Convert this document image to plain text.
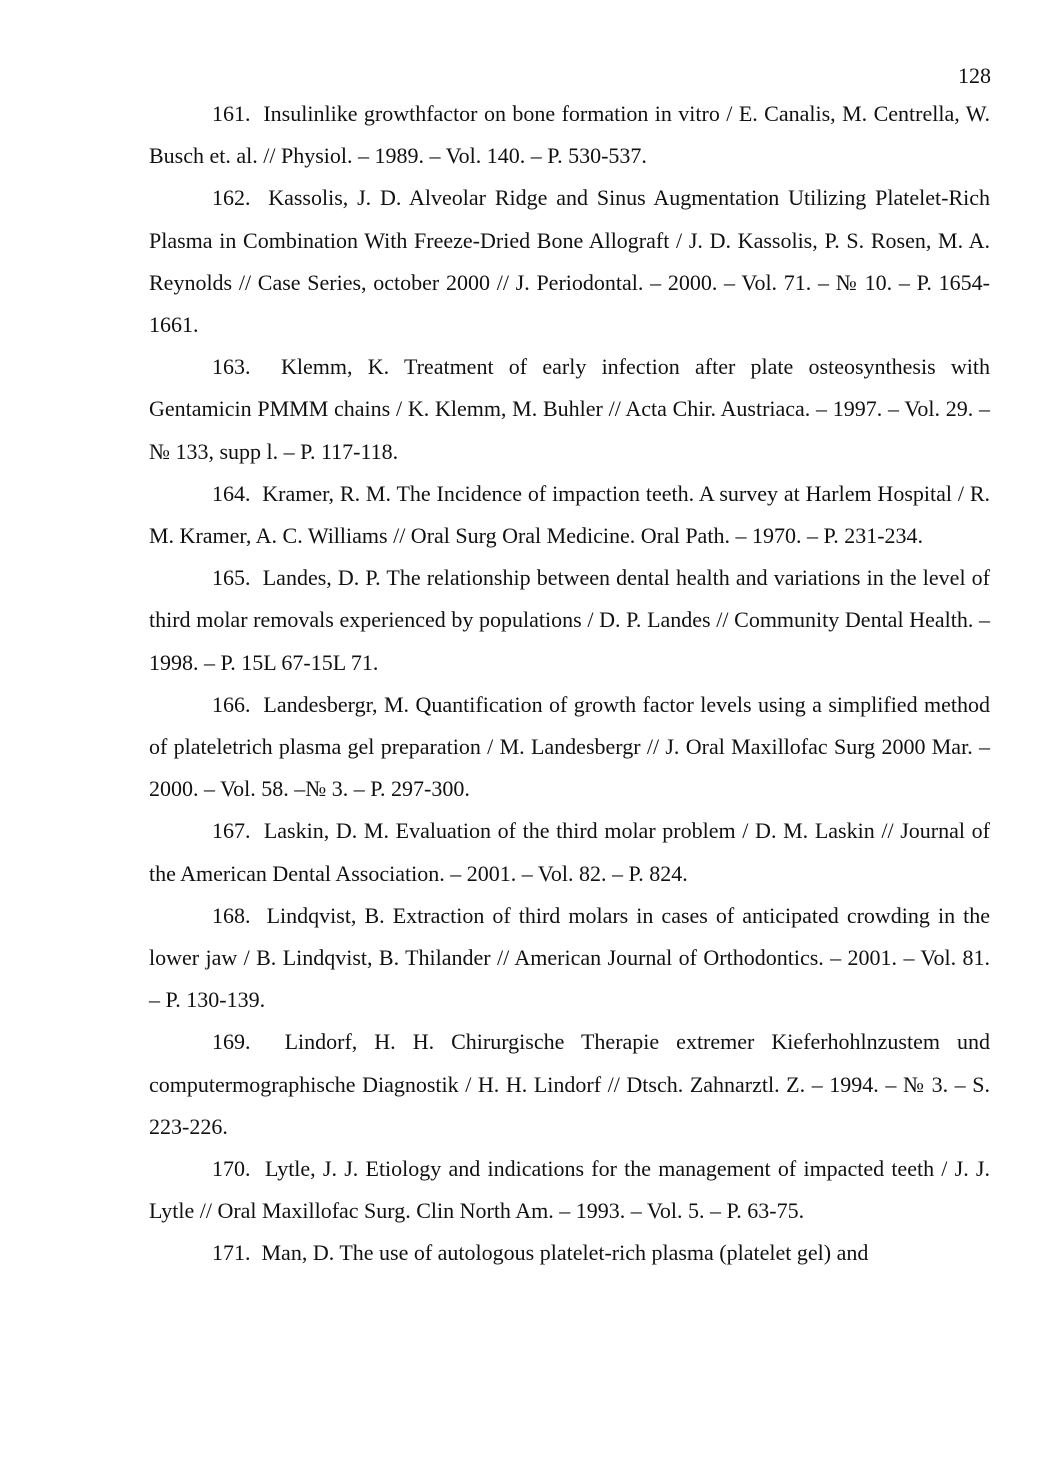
128

161. Insulinlike growthfactor on bone formation in vitro / E. Canalis, M. Centrella, W. Busch et. al. // Physiol. – 1989. – Vol. 140. – P. 530-537.

162. Kassolis, J. D. Alveolar Ridge and Sinus Augmentation Utilizing Platelet-Rich Plasma in Combination With Freeze-Dried Bone Allograft / J. D. Kassolis, P. S. Rosen, M. A. Reynolds // Case Series, october 2000 // J. Periodontal. – 2000. – Vol. 71. – № 10. – P. 1654-1661.

163. Klemm, K. Treatment of early infection after plate osteosynthesis with Gentamicin PMMM chains / K. Klemm, M. Buhler // Acta Chir. Austriaca. – 1997. – Vol. 29. – № 133, supp l. – P. 117-118.

164. Kramer, R. M. The Incidence of impaction teeth. A survey at Harlem Hospital / R. M. Kramer, A. C. Williams // Oral Surg Oral Medicine. Oral Path. – 1970. – P. 231-234.

165. Landes, D. P. The relationship between dental health and variations in the level of third molar removals experienced by populations / D. P. Landes // Community Dental Health. – 1998. – P. 15L 67-15L 71.

166. Landesbergr, M. Quantification of growth factor levels using a simplified method of plateletrich plasma gel preparation / M. Landesbergr // J. Oral Maxillofac Surg 2000 Mar. – 2000. – Vol. 58. –№ 3. – P. 297-300.

167. Laskin, D. M. Evaluation of the third molar problem / D. M. Laskin // Journal of the American Dental Association. – 2001. – Vol. 82. – P. 824.

168. Lindqvist, B. Extraction of third molars in cases of anticipated crowding in the lower jaw / B. Lindqvist, B. Thilander // American Journal of Orthodontics. – 2001. – Vol. 81. – P. 130-139.

169. Lindorf, H. H. Chirurgische Therapie extremer Kieferhohlnzustem und computermographische Diagnostik / H. H. Lindorf // Dtsch. Zahnarztl. Z. – 1994. – № 3. – S. 223-226.

170. Lytle, J. J. Etiology and indications for the management of impacted teeth / J. J. Lytle // Oral Maxillofac Surg. Clin North Am. – 1993. – Vol. 5. – P. 63-75.

171. Man, D. The use of autologous platelet-rich plasma (platelet gel) and
